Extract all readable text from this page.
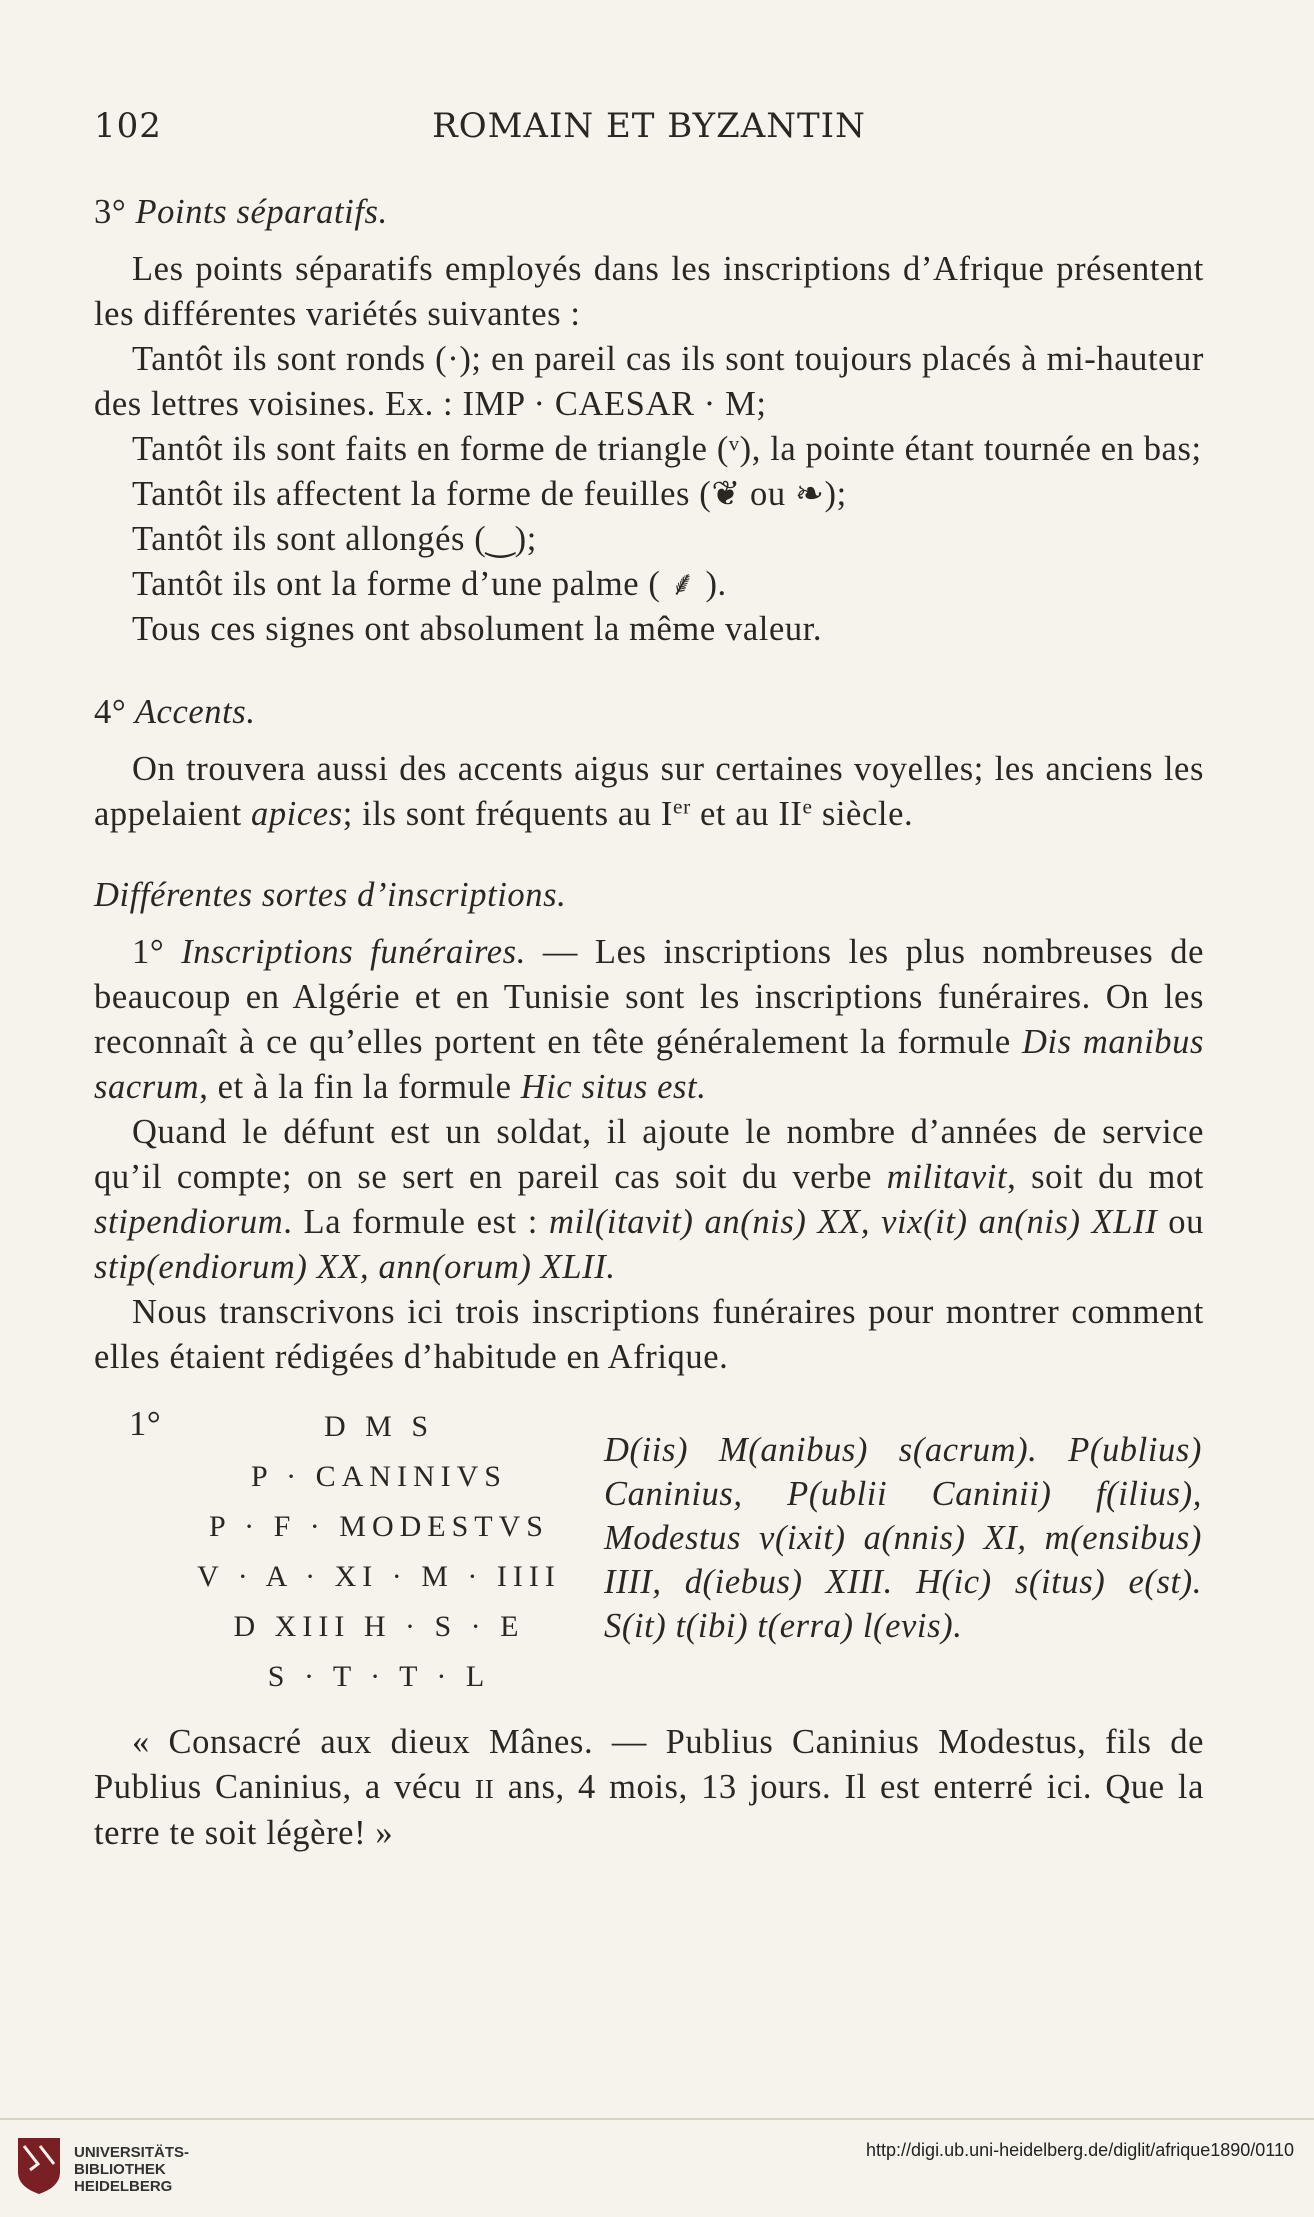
102	ROMAIN ET BYZANTIN

3° Points séparatifs.

Les points séparatifs employés dans les inscriptions d’Afrique présentent les différentes variétés suivantes :

Tantôt ils sont ronds (·); en pareil cas ils sont toujours placés à mi-hauteur des lettres voisines. Ex. : IMP · CAESAR · M;

Tantôt ils sont faits en forme de triangle (ᵛ), la pointe étant tournée en bas;

Tantôt ils affectent la forme de feuilles (❦ ou ❧);

Tantôt ils sont allongés (‿);

Tantôt ils ont la forme d’une palme ( ⸙ ).

Tous ces signes ont absolument la même valeur.

4° Accents.

On trouvera aussi des accents aigus sur certaines voyelles; les anciens les appelaient apices; ils sont fréquents au Ier et au IIe siècle.

Différentes sortes d’inscriptions.

1° Inscriptions funéraires. — Les inscriptions les plus nombreuses de beaucoup en Algérie et en Tunisie sont les inscriptions funéraires. On les reconnaît à ce qu’elles portent en tête généralement la formule Dis manibus sacrum, et à la fin la formule Hic situs est.

Quand le défunt est un soldat, il ajoute le nombre d’années de service qu’il compte; on se sert en pareil cas soit du verbe militavit, soit du mot stipendiorum. La formule est : mil(itavit) an(nis) XX, vix(it) an(nis) XLII ou stip(endiorum) XX, ann(orum) XLII.

Nous transcrivons ici trois inscriptions funéraires pour montrer comment elles étaient rédigées d’habitude en Afrique.

1°	D M S
P · CANINIVS
P · F · MODESTVS
V · A · XI · M · IIII
D XIII H · S · E
S · T · T · L
D(iis) M(anibus) s(acrum). P(ublius) Caninius, P(ublii Caninii) f(ilius), Modestus v(ixit) a(nnis) XI, m(ensibus) IIII, d(iebus) XIII. H(ic) s(itus) e(st). S(it) t(ibi) t(erra) l(evis).

« Consacré aux dieux Mânes. — Publius Caninius Modestus, fils de Publius Caninius, a vécu II ans, 4 mois, 13 jours. Il est enterré ici. Que la terre te soit légère! »

UNIVERSITÄTS-
BIBLIOTHEK
HEIDELBERG
http://digi.ub.uni-heidelberg.de/diglit/afrique1890/0110
